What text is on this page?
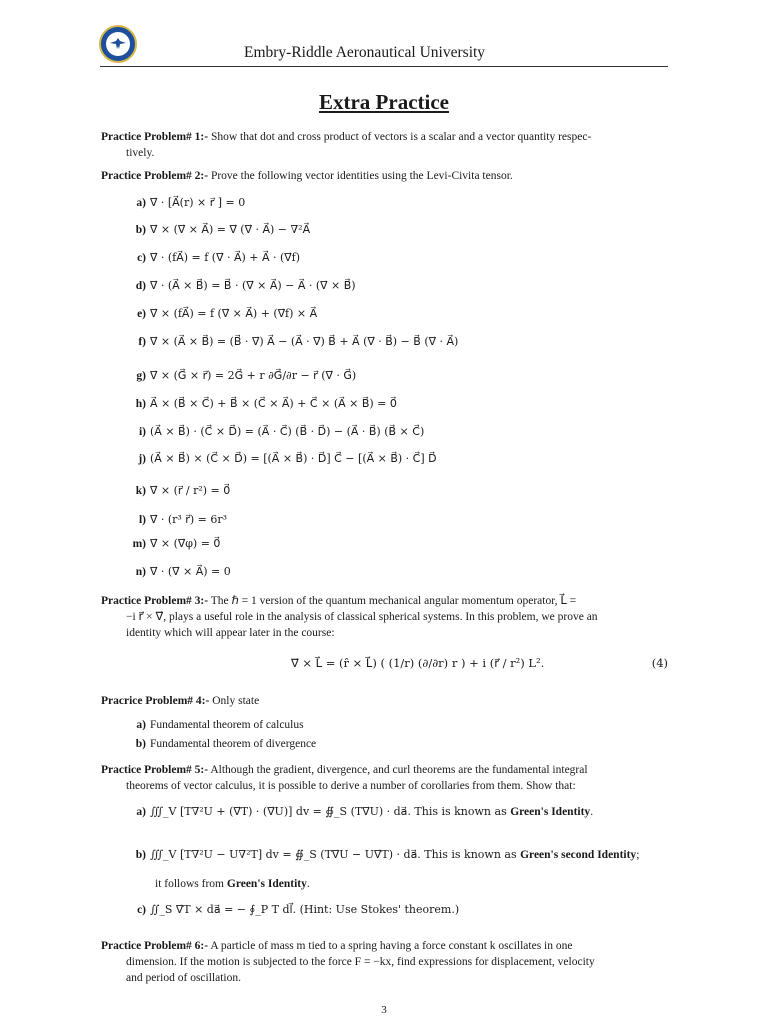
Embry-Riddle Aeronautical University
Extra Practice
Practice Problem# 1:- Show that dot and cross product of vectors is a scalar and a vector quantity respec-
tively.
Practice Problem# 2:- Prove the following vector identities using the Levi-Civita tensor.
a) ∇⃗ · [A⃗(r) × r⃗ ] = 0
b) ∇⃗ × (∇⃗ × A⃗) = ∇⃗ (∇⃗ · A⃗) − ∇²A⃗
c) ∇⃗ · (fA⃗) = f (∇⃗ · A⃗) + A⃗ · (∇⃗f)
d) ∇⃗ · (A⃗ × B⃗) = B⃗ · (∇⃗ × A⃗) − A⃗ · (∇⃗ × B⃗)
e) ∇⃗ × (fA⃗) = f (∇⃗ × A⃗) + (∇⃗f) × A⃗
f) ∇⃗ × (A⃗ × B⃗) = (B⃗ · ∇⃗) A⃗ − (A⃗ · ∇⃗) B⃗ + A⃗ (∇⃗ · B⃗) − B⃗ (∇⃗ · A⃗)
g) ∇⃗ × (G⃗ × r⃗) = 2G⃗ + r ∂G⃗/∂r − r⃗ (∇⃗ · G⃗)
h) A⃗ × (B⃗ × C⃗) + B⃗ × (C⃗ × A⃗) + C⃗ × (A⃗ × B⃗) = 0⃗
i) (A⃗ × B⃗) · (C⃗ × D⃗) = (A⃗ · C⃗) (B⃗ · D⃗) − (A⃗ · B⃗) (B⃗ × C⃗)
j) (A⃗ × B⃗) × (C⃗ × D⃗) = [(A⃗ × B⃗) · D⃗] C⃗ − [(A⃗ × B⃗) · C⃗] D⃗
k) ∇⃗ × (r⃗ / r²) = 0⃗
l) ∇⃗ · (r³ r⃗) = 6r³
m) ∇⃗ × (∇⃗φ) = 0⃗
n) ∇⃗ · (∇⃗ × A⃗) = 0
Practice Problem# 3:- The ℏ = 1 version of the quantum mechanical angular momentum operator, L⃗ =
−i r⃗ × ∇⃗, plays a useful role in the analysis of classical spherical systems. In this problem, we prove an
identity which will appear later in the course:
∇⃗ × L⃗ = (r̂ × L⃗) ( (1/r) (∂/∂r) r ) + i (r⃗ / r²) L².	(4)
Pracrice Problem# 4:- Only state
a) Fundamental theorem of calculus
b) Fundamental theorem of divergence
Practice Problem# 5:- Although the gradient, divergence, and curl theorems are the fundamental integral
theorems of vector calculus, it is possible to derive a number of corollaries from them. Show that:
a) ∭_V [T∇²U + (∇⃗T) · (∇⃗U)] dv = ∯_S (T∇⃗U) · da⃗. This is known as Green's Identity.
b) ∭_V [T∇²U − U∇²T] dv = ∯_S (T∇⃗U − U∇⃗T) · da⃗. This is known as Green's second Identity;
it follows from Green's Identity.
c) ∬_S ∇⃗T × da⃗ = − ∮_P T dl⃗. (Hint: Use Stokes' theorem.)
Practice Problem# 6:- A particle of mass m tied to a spring having a force constant k oscillates in one
dimension. If the motion is subjected to the force F = −kx, find expressions for displacement, velocity
and period of oscillation.
3
